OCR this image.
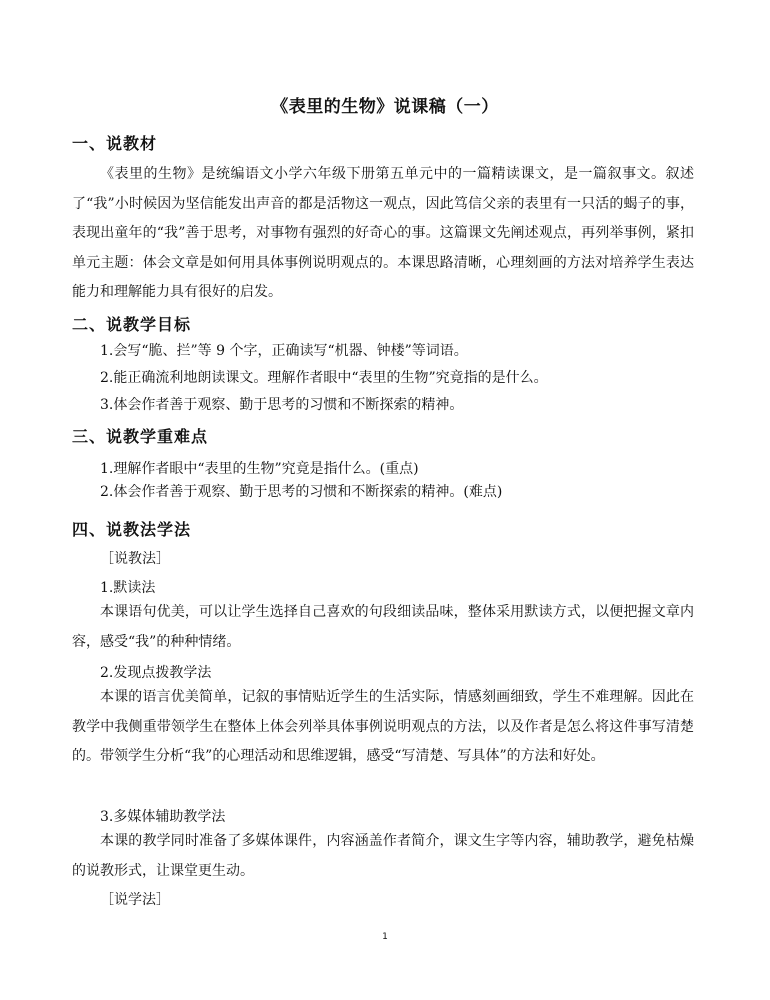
《表里的生物》说课稿（一）
一、说教材

《表里的生物》是统编语文小学六年级下册第五单元中的一篇精读课文，是一篇叙事文。叙述了“我”小时候因为坚信能发出声音的都是活物这一观点，因此笃信父亲的表里有一只活的蝎子的事，表现出童年的“我”善于思考，对事物有强烈的好奇心的事。这篇课文先阐述观点，再列举事例，紧扣单元主题：体会文章是如何用具体事例说明观点的。本课思路清晰，心理刻画的方法对培养学生表达能力和理解能力具有很好的启发。

二、说教学目标
1.会写“脆、拦”等 9 个字，正确读写“机器、钟楼”等词语。
2.能正确流利地朗读课文。理解作者眼中“表里的生物”究竟指的是什么。
3.体会作者善于观察、勤于思考的习惯和不断探索的精神。
三、说教学重难点
1.理解作者眼中“表里的生物”究竟是指什么。(重点)
2.体会作者善于观察、勤于思考的习惯和不断探索的精神。(难点)
四、说教法学法
［说教法］
1.默读法

本课语句优美，可以让学生选择自己喜欢的句段细读品味，整体采用默读方式，以便把握文章内容，感受“我”的种种情绪。

2.发现点拨教学法

本课的语言优美简单，记叙的事情贴近学生的生活实际，情感刻画细致，学生不难理解。因此在教学中我侧重带领学生在整体上体会列举具体事例说明观点的方法，以及作者是怎么将这件事写清楚的。带领学生分析“我”的心理活动和思维逻辑，感受“写清楚、写具体”的方法和好处。

3.多媒体辅助教学法

本课的教学同时准备了多媒体课件，内容涵盖作者简介，课文生字等内容，辅助教学，避免枯燥的说教形式，让课堂更生动。

［说学法］
1
